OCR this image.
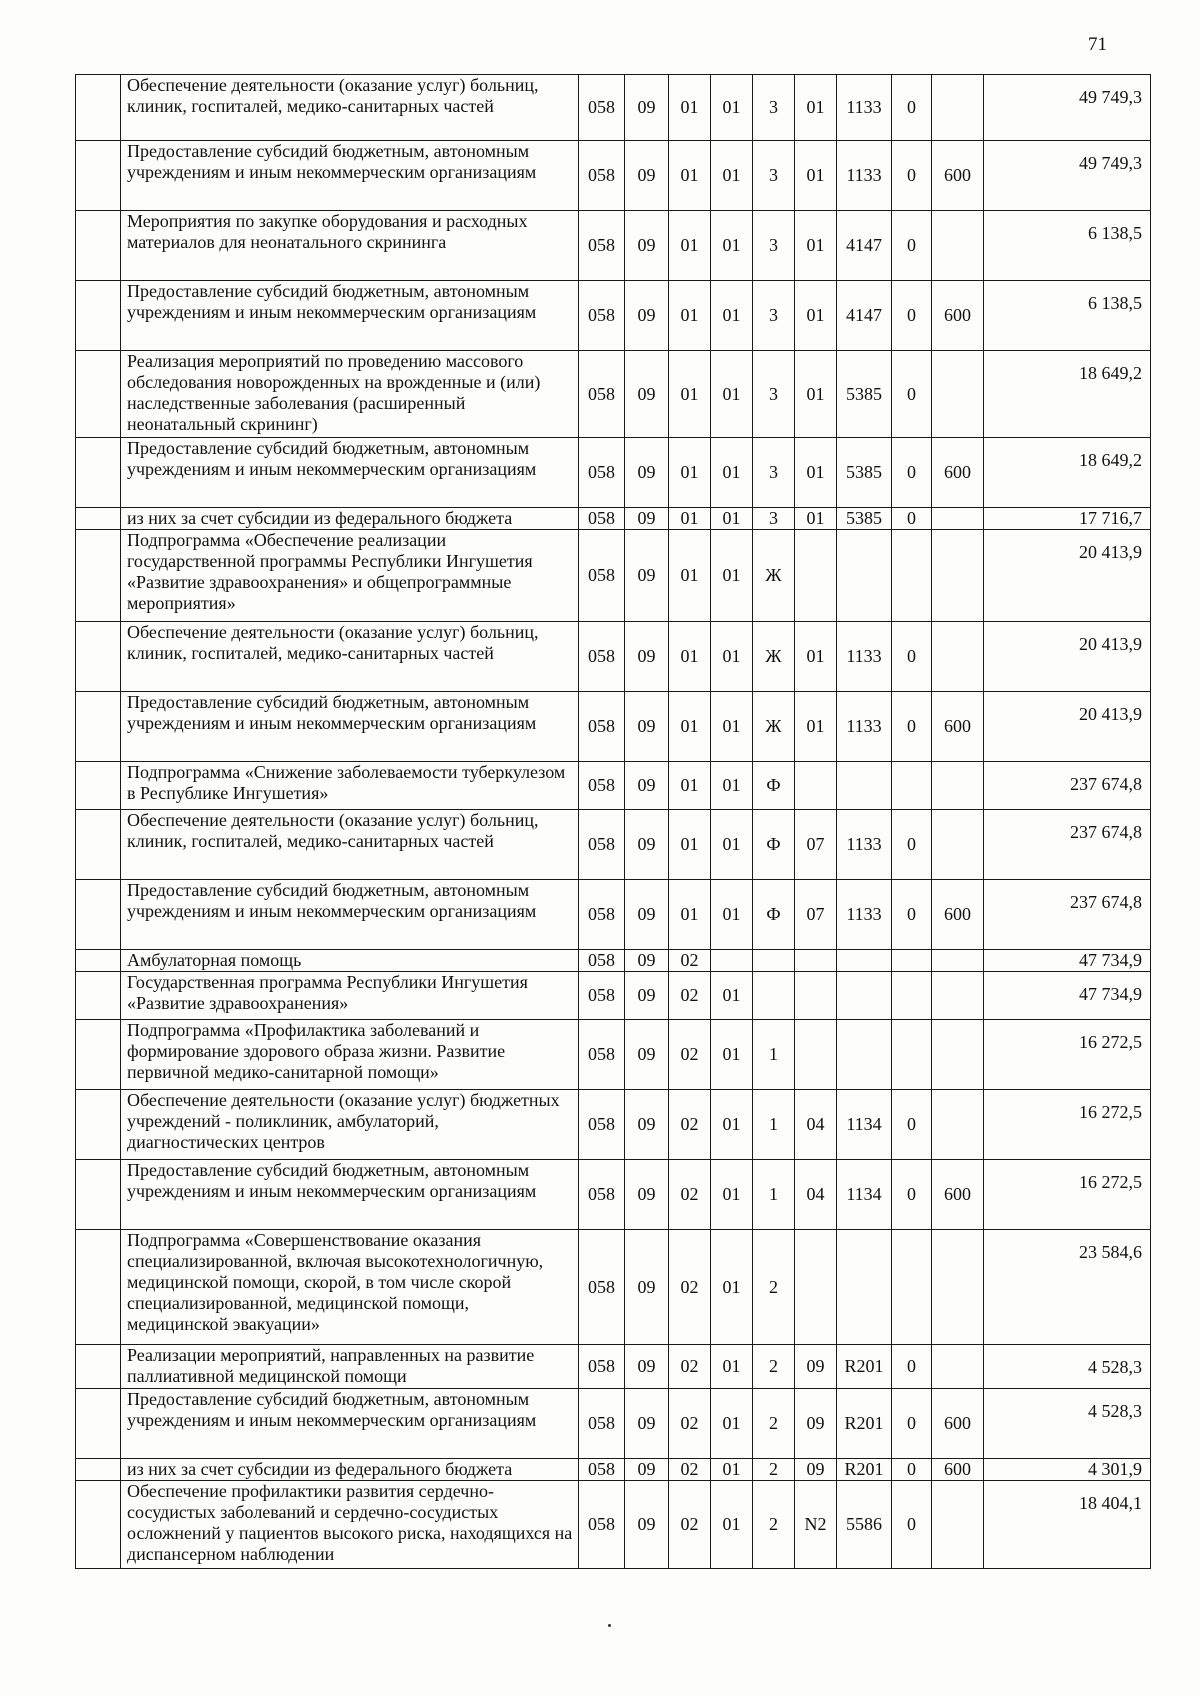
71
	Обеспечение деятельности (оказание услуг) больниц, клиник, госпиталей, медико-санитарных частей	058	09	01	01	3	01	1133	0		49 749,3
	Предоставление субсидий бюджетным, автономным учреждениям и иным некоммерческим организациям	058	09	01	01	3	01	1133	0	600	49 749,3
	Мероприятия по закупке оборудования и расходных материалов для неонатального скрининга	058	09	01	01	3	01	4147	0		6 138,5
	Предоставление субсидий бюджетным, автономным учреждениям и иным некоммерческим организациям	058	09	01	01	3	01	4147	0	600	6 138,5
	Реализация мероприятий по проведению массового обследования новорожденных на врожденные и (или) наследственные заболевания (расширенный неонатальный скрининг)	058	09	01	01	3	01	5385	0		18 649,2
	Предоставление субсидий бюджетным, автономным учреждениям и иным некоммерческим организациям	058	09	01	01	3	01	5385	0	600	18 649,2
	из них за счет субсидии из федерального бюджета	058	09	01	01	3	01	5385	0		17 716,7
	Подпрограмма «Обеспечение реализации государственной программы Республики Ингушетия «Развитие здравоохранения» и общепрограммные мероприятия»	058	09	01	01	Ж					20 413,9
	Обеспечение деятельности (оказание услуг) больниц, клиник, госпиталей, медико-санитарных частей	058	09	01	01	Ж	01	1133	0		20 413,9
	Предоставление субсидий бюджетным, автономным учреждениям и иным некоммерческим организациям	058	09	01	01	Ж	01	1133	0	600	20 413,9
	Подпрограмма «Снижение заболеваемости туберкулезом в Республике Ингушетия»	058	09	01	01	Ф					237 674,8
	Обеспечение деятельности (оказание услуг) больниц, клиник, госпиталей, медико-санитарных частей	058	09	01	01	Ф	07	1133	0		237 674,8
	Предоставление субсидий бюджетным, автономным учреждениям и иным некоммерческим организациям	058	09	01	01	Ф	07	1133	0	600	237 674,8
	Амбулаторная помощь	058	09	02							47 734,9
	Государственная программа Республики Ингушетия «Развитие здравоохранения»	058	09	02	01						47 734,9
	Подпрограмма «Профилактика заболеваний и формирование здорового образа жизни. Развитие первичной медико-санитарной помощи»	058	09	02	01	1					16 272,5
	Обеспечение деятельности (оказание услуг) бюджетных учреждений - поликлиник, амбулаторий, диагностических центров	058	09	02	01	1	04	1134	0		16 272,5
	Предоставление субсидий бюджетным, автономным учреждениям и иным некоммерческим организациям	058	09	02	01	1	04	1134	0	600	16 272,5
	Подпрограмма «Совершенствование оказания специализированной, включая высокотехнологичную, медицинской помощи, скорой, в том числе скорой специализированной, медицинской помощи, медицинской эвакуации»	058	09	02	01	2					23 584,6
	Реализации мероприятий, направленных на развитие паллиативной медицинской помощи	058	09	02	01	2	09	R201	0		4 528,3
	Предоставление субсидий бюджетным, автономным учреждениям и иным некоммерческим организациям	058	09	02	01	2	09	R201	0	600	4 528,3
	из них за счет субсидии из федерального бюджета	058	09	02	01	2	09	R201	0	600	4 301,9
	Обеспечение профилактики развития сердечно-сосудистых заболеваний и сердечно-сосудистых осложнений у пациентов высокого риска, находящихся на диспансерном наблюдении	058	09	02	01	2	N2	5586	0		18 404,1
